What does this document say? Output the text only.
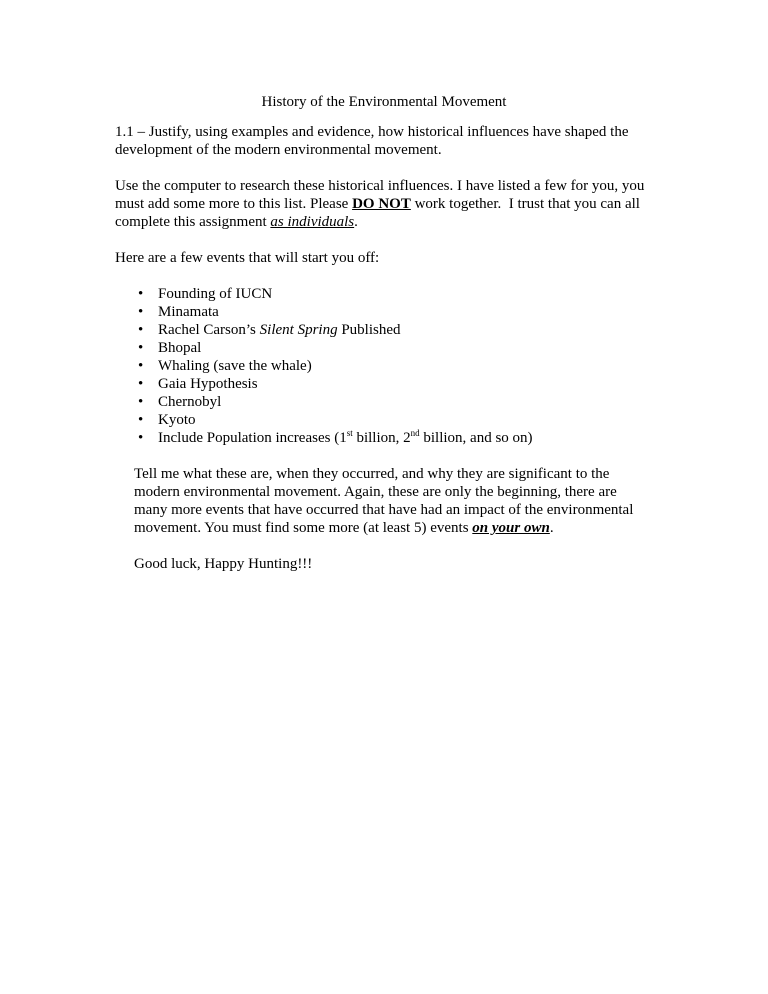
History of the Environmental Movement
1.1 – Justify, using examples and evidence, how historical influences have shaped the
development of the modern environmental movement.
Use the computer to research these historical influences. I have listed a few for you, you
must add some more to this list. Please DO NOT work together.  I trust that you can all
complete this assignment as individuals.
Here are a few events that will start you off:
• Founding of IUCN
• Minamata
• Rachel Carson’s Silent Spring Published
• Bhopal
• Whaling (save the whale)
• Gaia Hypothesis
• Chernobyl
• Kyoto
• Include Population increases (1st billion, 2nd billion, and so on)
Tell me what these are, when they occurred, and why they are significant to the
modern environmental movement. Again, these are only the beginning, there are
many more events that have occurred that have had an impact of the environmental
movement. You must find some more (at least 5) events on your own.
Good luck, Happy Hunting!!!
